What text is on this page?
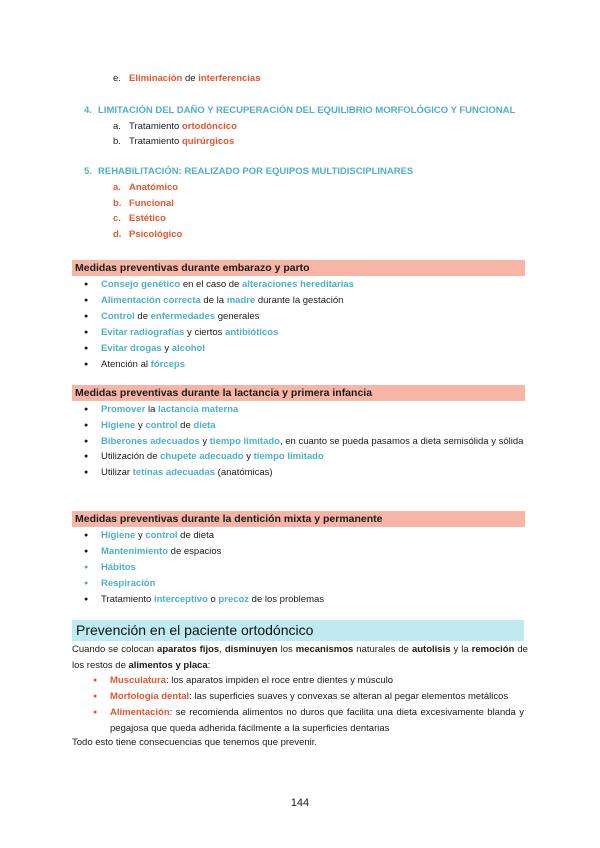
e. Eliminación de interferencias
4. LIMITACIÓN DEL DAÑO Y RECUPERACIÓN DEL EQUILIBRIO MORFOLÓGICO Y FUNCIONAL
a. Tratamiento ortodóncico
b. Tratamiento quirúrgicos
5. REHABILITACIÓN: REALIZADO POR EQUIPOS MULTIDISCIPLINARES
a. Anatómico
b. Funcional
c. Estético
d. Psicológico
Medidas preventivas durante embarazo y parto
● Consejo genético en el caso de alteraciones hereditarias
● Alimentación correcta de la madre durante la gestación
● Control de enfermedades generales
● Evitar radiografías y ciertos antibióticos
● Evitar drogas y alcohol
● Atención al fórceps
Medidas preventivas durante la lactancia y primera infancia
● Promover la lactancia materna
● Higiene y control de dieta
● Biberones adecuados y tiempo limitado, en cuanto se pueda pasamos a dieta semisólida y sólida
● Utilización de chupete adecuado y tiempo limitado
● Utilizar tetinas adecuadas (anatómicas)
Medidas preventivas durante la dentición mixta y permanente
● Higiene y control de dieta
● Mantenimiento de espacios
● Hábitos
● Respiración
● Tratamiento interceptivo o precoz de los problemas
Prevención en el paciente ortodóncico
Cuando se colocan aparatos fijos, disminuyen los mecanismos naturales de autolisis y la remoción de los restos de alimentos y placa:
● Musculatura: los aparatos impiden el roce entre dientes y músculo
● Morfología dental: las superficies suaves y convexas se alteran al pegar elementos metálicos
● Alimentación: se recomienda alimentos no duros que facilita una dieta excesivamente blanda y pegajosa que queda adherida fácilmente a la superficies dentarias
Todo esto tiene consecuencias que tenemos que prevenir.
144
